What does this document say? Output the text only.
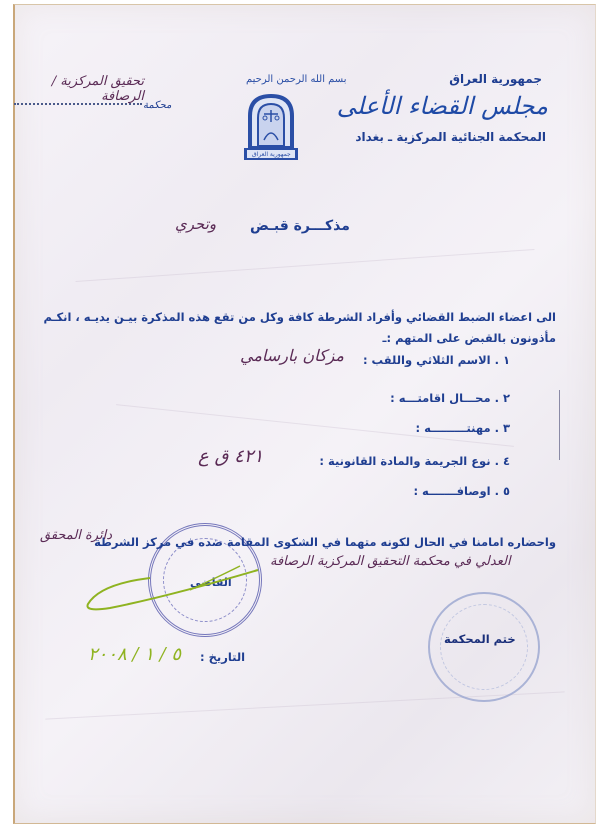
جمهورية العراق
مجلس القضاء الأعلى
المحكمة الجنائية المركزية ـ بغداد
بسم الله الرحمن الرحيم
جمهورية العراق
تحقيق المركزية / الرصافة
محكمة
مذكـــرة قبـض
وتحري
الى اعضاء الضبط القضائي وأفراد الشرطة كافة وكل من تقع هذه المذكرة بيـن يديـه ، انكـم
مأذونون بالقبض على المتهم :ـ
١ . الاسم الثلاثي واللقب :
مزكان بارسامي
٢ . محـــال اقامتـــه :
٣ . مهنتـــــــــه :
٤ . نوع الجريمة والمادة القانونية :
٤٢١ ق ع
٥ . اوصافـــــــه :
واحضاره امامنا في الحال لكونه متهما في الشكوى المقامة ضده في مركز الشرطة
دائرة المحقق
العدلي في محكمة التحقيق المركزية الرصافة
القاضي
ختم المحكمة
التاريخ :
٥ / ١ / ٢٠٠٨
